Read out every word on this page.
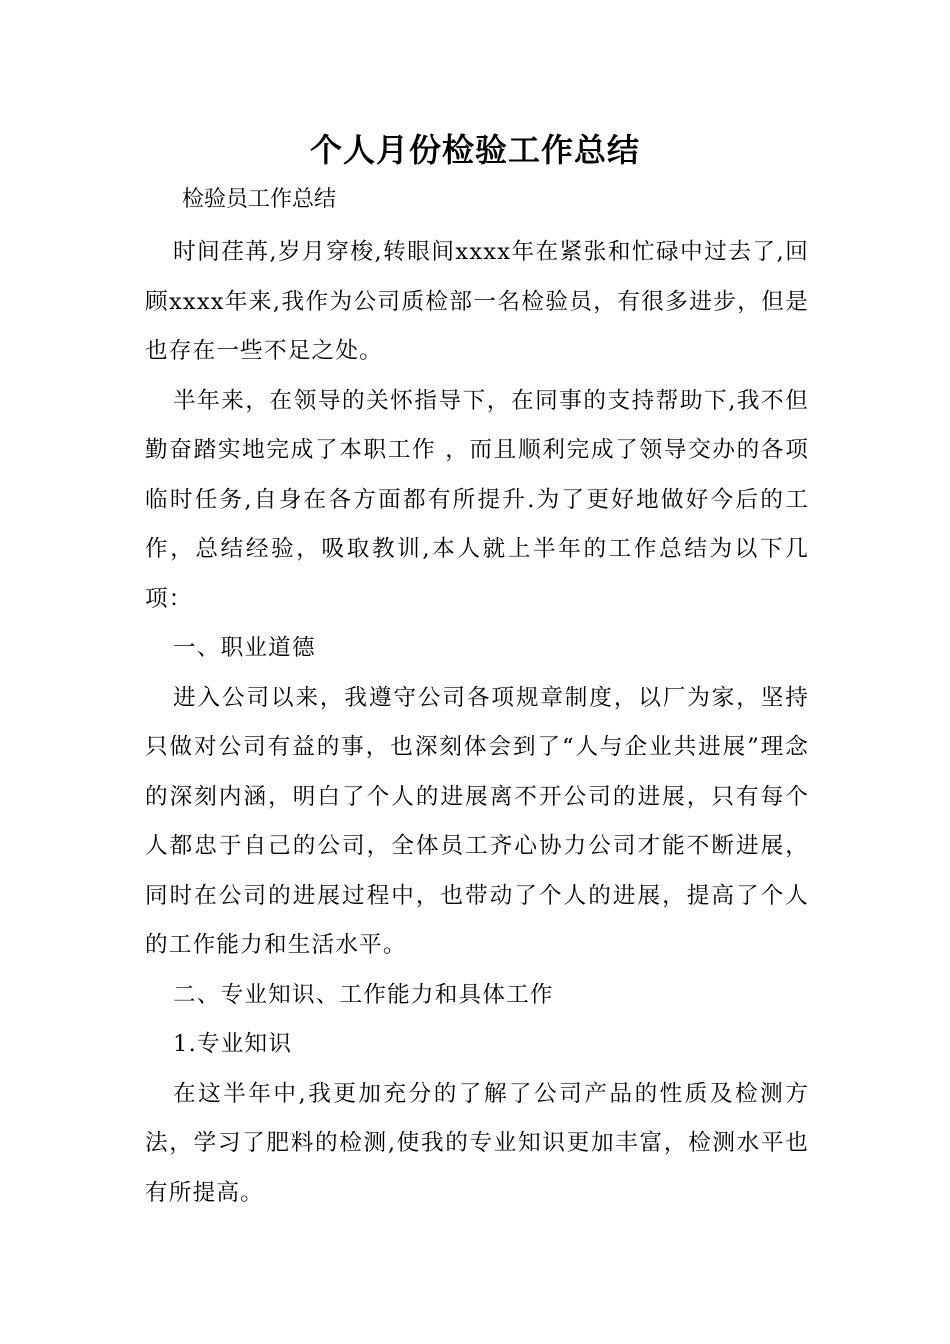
个人月份检验工作总结

检验员工作总结

时间荏苒,岁月穿梭,转眼间xxxx年在紧张和忙碌中过去了,回顾xxxx年来,我作为公司质检部一名检验员，有很多进步，但是也存在一些不足之处。

半年来，在领导的关怀指导下，在同事的支持帮助下,我不但勤奋踏实地完成了本职工作 ，而且顺利完成了领导交办的各项临时任务,自身在各方面都有所提升.为了更好地做好今后的工作，总结经验，吸取教训,本人就上半年的工作总结为以下几项：

一、职业道德

进入公司以来，我遵守公司各项规章制度，以厂为家，坚持只做对公司有益的事，也深刻体会到了“人与企业共进展”理念的深刻内涵，明白了个人的进展离不开公司的进展，只有每个人都忠于自己的公司，全体员工齐心协力公司才能不断进展，同时在公司的进展过程中，也带动了个人的进展，提高了个人的工作能力和生活水平。

二、专业知识、工作能力和具体工作

1.专业知识

在这半年中,我更加充分的了解了公司产品的性质及检测方法，学习了肥料的检测,使我的专业知识更加丰富，检测水平也有所提高。
